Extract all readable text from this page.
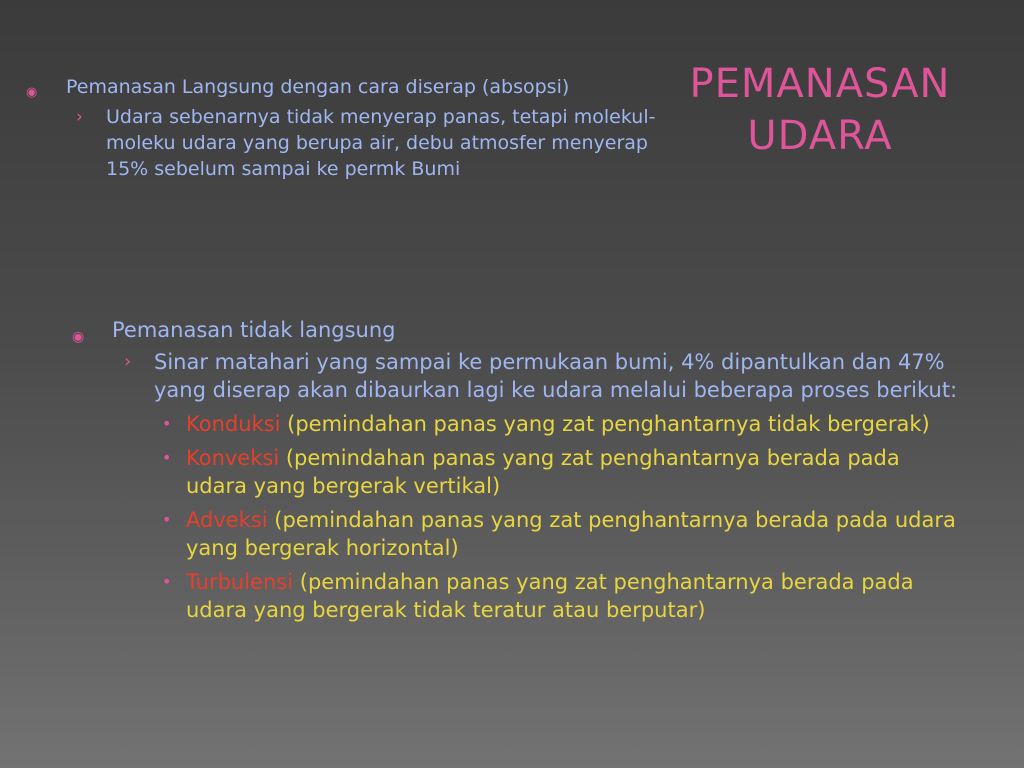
PEMANASAN
UDARA
◉ Pemanasan Langsung dengan cara diserap (absopsi)
› Udara sebenarnya tidak menyerap panas, tetapi molekul-moleku udara yang berupa air, debu atmosfer menyerap 15% sebelum sampai ke permk Bumi
◉ Pemanasan tidak langsung
› Sinar matahari yang sampai ke permukaan bumi, 4% dipantulkan dan 47% yang diserap akan dibaurkan lagi ke udara melalui beberapa proses berikut:
• Konduksi (pemindahan panas yang zat penghantarnya tidak bergerak)
• Konveksi (pemindahan panas yang zat penghantarnya berada pada udara yang bergerak vertikal)
• Adveksi (pemindahan panas yang zat penghantarnya berada pada udara yang bergerak horizontal)
• Turbulensi (pemindahan panas yang zat penghantarnya berada pada udara yang bergerak tidak teratur atau berputar)
